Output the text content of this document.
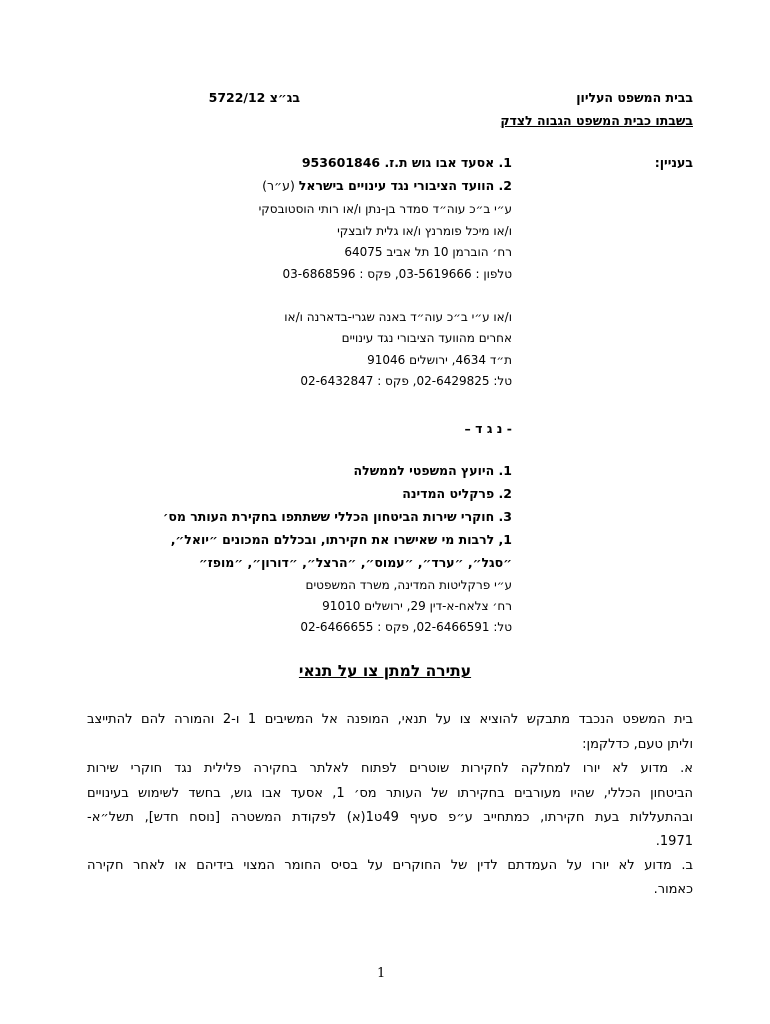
בבית המשפט העליון
בג״צ 5722/12
בשבתו כבית המשפט הגבוה לצדק
בעניין:
1. אסעד אבו גוש ת.ז. 953601846
2. הוועד הציבורי נגד עינויים בישראל (ע״ר)
ע״י ב״כ עוה״ד סמדר בן-נתן ו/או רותי הוסטובסקי
ו/או מיכל פומרנץ ו/או גלית לובצקי
רח׳ הוברמן 10 תל אביב 64075
טלפון : 03-5619666, פקס : 03-6868596
ו/או ע״י ב״כ עוה״ד באנה שגרי-בדארנה ו/או
אחרים מהוועד הציבורי נגד עינויים
ת״ד 4634, ירושלים 91046
טל: 02-6429825, פקס : 02-6432847
- נ ג ד –
1. היועץ המשפטי לממשלה
2. פרקליט המדינה
3. חוקרי שירות הביטחון הכללי ששתתפו בחקירת העותר מס׳
1, לרבות מי שאישרו את חקירתו, ובכללם המכונים ״יואל״,
״סגל״, ״ערד״, ״עמוס״, ״הרצל״, ״דורון״, ״מופז״
ע״י פרקליטות המדינה, משרד המשפטים
רח׳ צלאח-א-דין 29, ירושלים 91010
טל: 02-6466591, פקס : 02-6466655
עתירה למתן צו על תנאי
בית המשפט הנכבד מתבקש להוציא צו על תנאי, המופנה אל המשיבים 1 ו-2 והמורה להם להתייצב
וליתן טעם, כדלקמן:
א. מדוע לא יורו למחלקה לחקירות שוטרים לפתוח לאלתר בחקירה פלילית נגד חוקרי שירות
הביטחון הכללי, שהיו מעורבים בחקירתו של העותר מס׳ 1, אסעד אבו גוש, בחשד לשימוש בעינויים
ובהתעללות בעת חקירתו, כמתחייב ע״פ סעיף 49ט1(א) לפקודת המשטרה [נוסח חדש], תשל״א-
1971.
ב. מדוע לא יורו על העמדתם לדין של החוקרים על בסיס החומר המצוי בידיהם או לאחר חקירה
כאמור.
1
